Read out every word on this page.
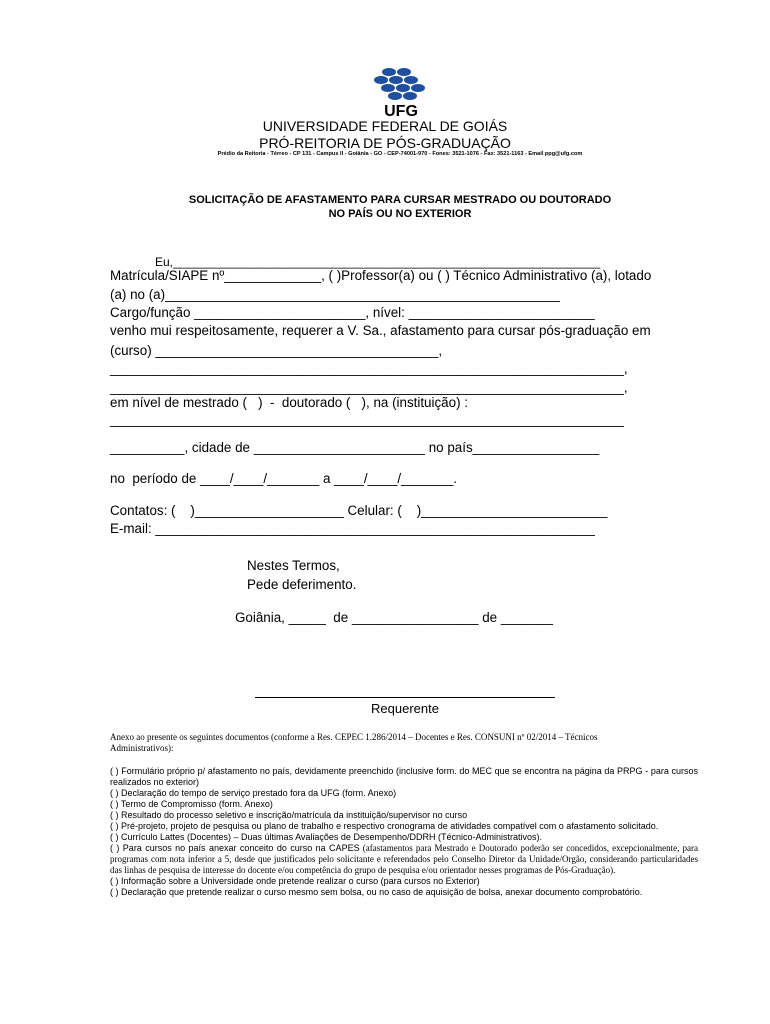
UFG
UNIVERSIDADE FEDERAL DE GOIÁS
PRÓ-REITORIA DE PÓS-GRADUAÇÃO
Prédio da Reitoria - Térreo - CP 131 - Campus II - Goiânia - GO - CEP-74001-970 - Fones: 3521-1076 - Fax: 3521-1163 - Email ppg@ufg.com
SOLICITAÇÃO DE AFASTAMENTO PARA CURSAR MESTRADO OU DOUTORADO
NO PAÍS OU NO EXTERIOR
Eu,________________________________________________________________
Matrícula/SIAPE nº_____________, ( )Professor(a) ou ( ) Técnico Administrativo (a), lotado
(a) no (a)_____________________________________________________
Cargo/função _______________________, nível: _________________________
venho mui respeitosamente, requerer a V. Sa., afastamento para cursar pós-graduação em
(curso) ______________________________________,
_____________________________________________________________________,
_____________________________________________________________________,
em nível de mestrado (   )  -  doutorado (   ), na (instituição) :
_____________________________________________________________________
__________, cidade de _______________________ no país_________________
no  período de ____/____/_______ a ____/____/_______.
Contatos: (    )____________________ Celular: (    )_________________________
E-mail: ___________________________________________________________
Nestes Termos,
Pede deferimento.
Goiânia, _____  de _________________ de _______
Requerente
Anexo ao presente os seguintes documentos (conforme a Res. CEPEC 1.286/2014 – Docentes e Res. CONSUNI nº 02/2014 – Técnicos
Administrativos):
( ) Formulário próprio p/ afastamento no país, devidamente preenchido (inclusive form. do MEC que se encontra na página da PRPG - para cursos realizados no exterior)
( ) Declaração do tempo de serviço prestado fora da UFG (form. Anexo)
( ) Termo de Compromisso (form. Anexo)
( ) Resultado do processo seletivo e inscrição/matrícula da instituição/supervisor no curso
( ) Pré-projeto, projeto de pesquisa ou plano de trabalho e respectivo cronograma de atividades compatível com o afastamento solicitado.
( ) Currículo Lattes (Docentes) – Duas últimas Avaliações de Desempenho/DDRH (Técnico-Administrativos).
( ) Para cursos no país anexar conceito do curso na CAPES (afastamentos para Mestrado e Doutorado poderão ser concedidos, excepcionalmente, para programas com nota inferior a 5, desde que justificados pelo solicitante e referendados pelo Conselho Diretor da Unidade/Orgão, considerando particularidades das linhas de pesquisa de interesse do docente e/ou competência do grupo de pesquisa e/ou orientador nesses programas de Pós-Graduação).
( ) Informação sobre a Universidade onde pretende realizar o curso (para cursos no Exterior)
( ) Declaração que pretende realizar o curso mesmo sem bolsa, ou no caso de aquisição de bolsa, anexar documento comprobatório.
